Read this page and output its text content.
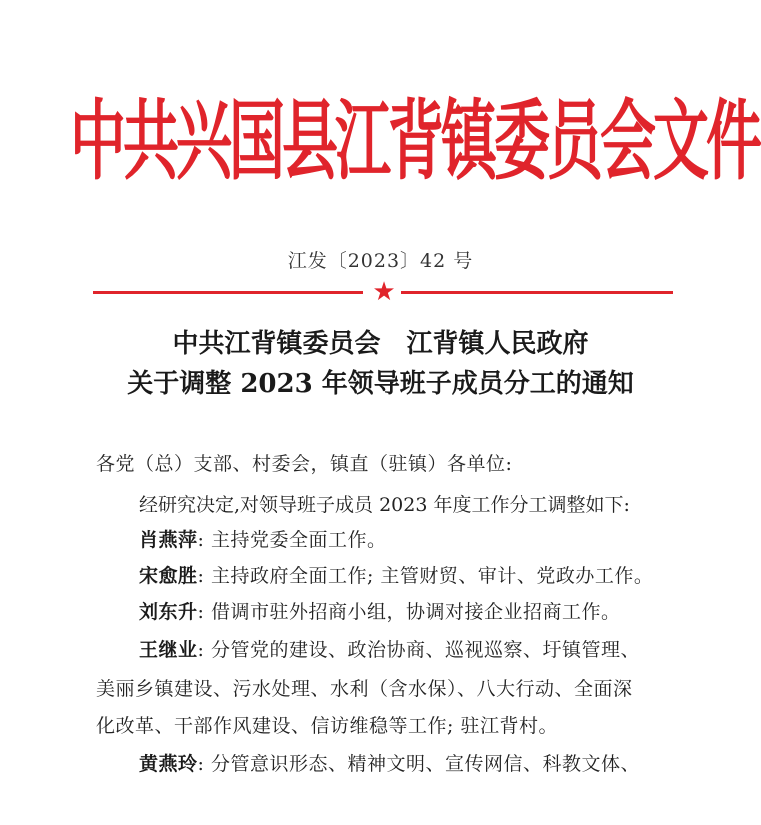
中共兴国县江背镇委员会文件
江发〔2023〕42 号
★
中共江背镇委员会　江背镇人民政府
关于调整 2023 年领导班子成员分工的通知
各党（总）支部、村委会，镇直（驻镇）各单位:
经研究决定,对领导班子成员 2023 年度工作分工调整如下:
肖燕萍: 主持党委全面工作。
宋愈胜: 主持政府全面工作; 主管财贸、审计、党政办工作。
刘东升: 借调市驻外招商小组，协调对接企业招商工作。
王继业: 分管党的建设、政治协商、巡视巡察、圩镇管理、
美丽乡镇建设、污水处理、水利（含水保）、八大行动、全面深
化改革、干部作风建设、信访维稳等工作; 驻江背村。
黄燕玲: 分管意识形态、精神文明、宣传网信、科教文体、
